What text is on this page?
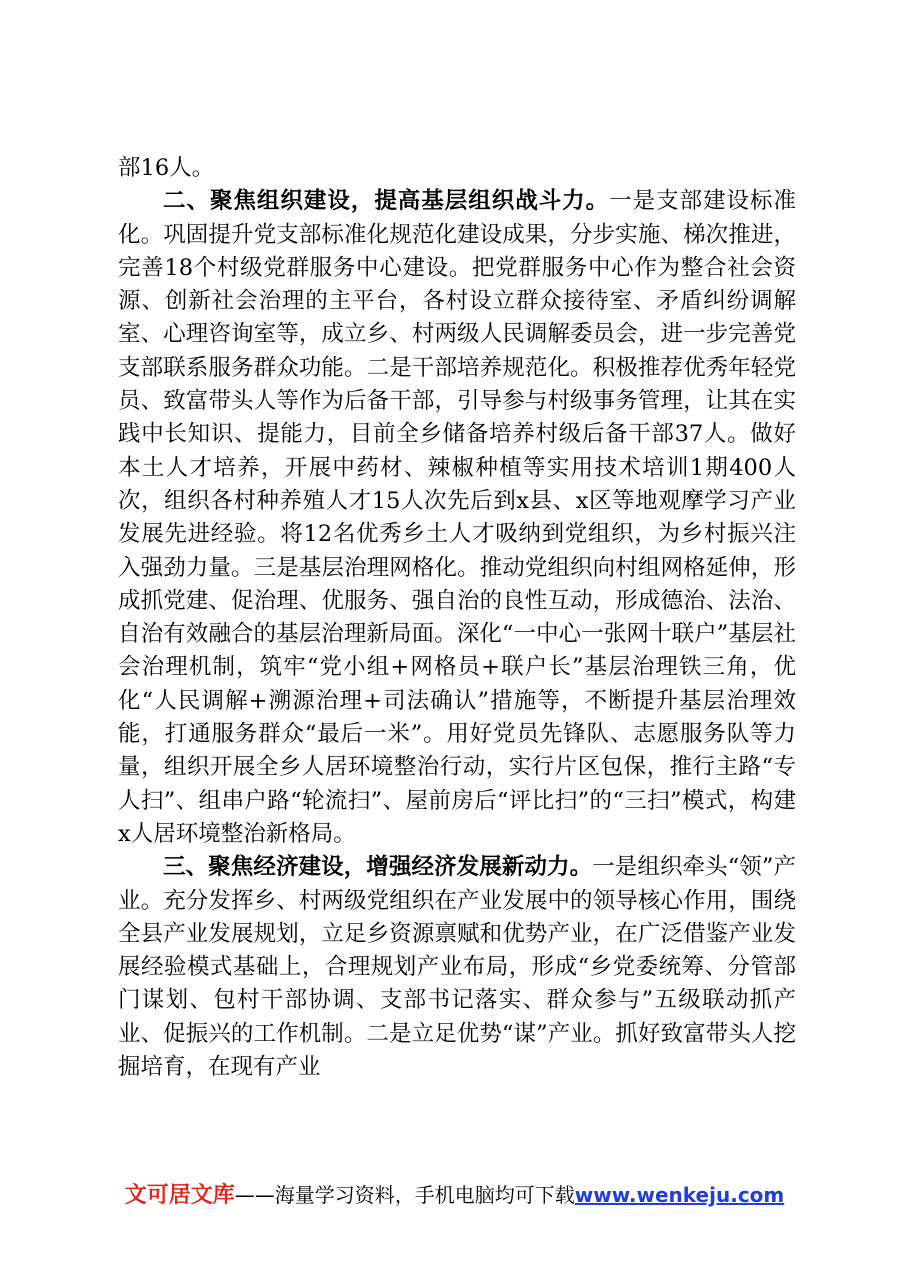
部16人。

二、聚焦组织建设，提高基层组织战斗力。一是支部建设标准化。巩固提升党支部标准化规范化建设成果，分步实施、梯次推进，完善18个村级党群服务中心建设。把党群服务中心作为整合社会资源、创新社会治理的主平台，各村设立群众接待室、矛盾纠纷调解室、心理咨询室等，成立乡、村两级人民调解委员会，进一步完善党支部联系服务群众功能。二是干部培养规范化。积极推荐优秀年轻党员、致富带头人等作为后备干部，引导参与村级事务管理，让其在实践中长知识、提能力，目前全乡储备培养村级后备干部37人。做好本土人才培养，开展中药材、辣椒种植等实用技术培训1期400人次，组织各村种养殖人才15人次先后到x县、x区等地观摩学习产业发展先进经验。将12名优秀乡土人才吸纳到党组织，为乡村振兴注入强劲力量。三是基层治理网格化。推动党组织向村组网格延伸，形成抓党建、促治理、优服务、强自治的良性互动，形成德治、法治、自治有效融合的基层治理新局面。深化“一中心一张网十联户”基层社会治理机制，筑牢“党小组+网格员+联户长”基层治理铁三角，优化“人民调解+溯源治理+司法确认”措施等，不断提升基层治理效能，打通服务群众“最后一米”。用好党员先锋队、志愿服务队等力量，组织开展全乡人居环境整治行动，实行片区包保，推行主路“专人扫”、组串户路“轮流扫”、屋前房后“评比扫”的“三扫”模式，构建x人居环境整治新格局。

三、聚焦经济建设，增强经济发展新动力。一是组织牵头“领”产业。充分发挥乡、村两级党组织在产业发展中的领导核心作用，围绕全县产业发展规划，立足乡资源禀赋和优势产业，在广泛借鉴产业发展经验模式基础上，合理规划产业布局，形成“乡党委统筹、分管部门谋划、包村干部协调、支部书记落实、群众参与”五级联动抓产业、促振兴的工作机制。二是立足优势“谋”产业。抓好致富带头人挖掘培育，在现有产业

文可居文库——海量学习资料，手机电脑均可下载www.wenkeju.com
